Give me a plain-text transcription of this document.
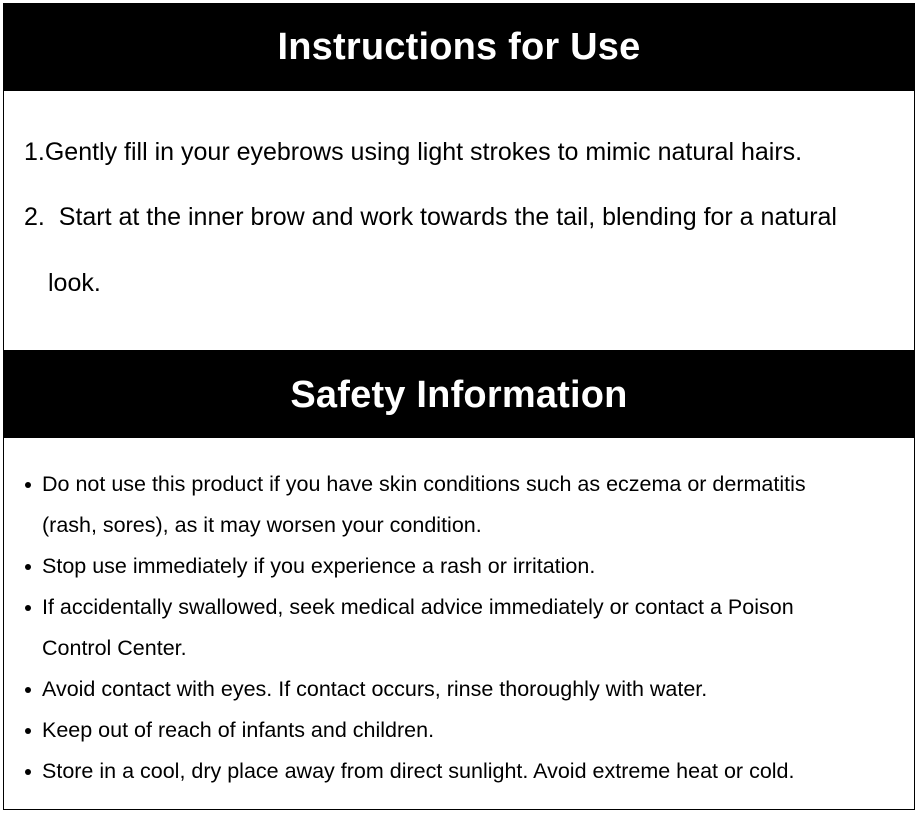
Instructions for Use
1.Gently fill in your eyebrows using light strokes to mimic natural hairs.
2. Start at the inner brow and work towards the tail, blending for a natural
look.
Safety Information
Do not use this product if you have skin conditions such as eczema or dermatitis
(rash, sores), as it may worsen your condition.
Stop use immediately if you experience a rash or irritation.
If accidentally swallowed, seek medical advice immediately or contact a Poison
Control Center.
Avoid contact with eyes. If contact occurs, rinse thoroughly with water.
Keep out of reach of infants and children.
Store in a cool, dry place away from direct sunlight. Avoid extreme heat or cold.
